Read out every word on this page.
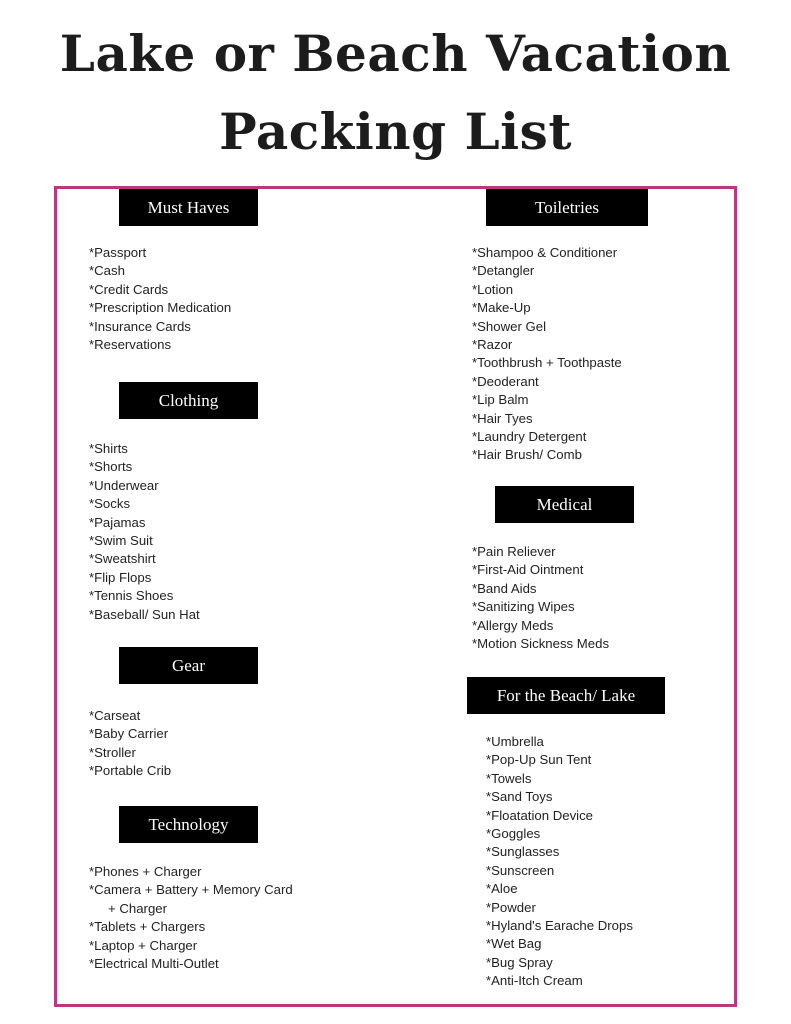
Lake or Beach Vacation
Packing List
Must Haves
*Passport
*Cash
*Credit Cards
*Prescription Medication
*Insurance Cards
*Reservations
Clothing
*Shirts
*Shorts
*Underwear
*Socks
*Pajamas
*Swim Suit
*Sweatshirt
*Flip Flops
*Tennis Shoes
*Baseball/ Sun Hat
Gear
*Carseat
*Baby Carrier
*Stroller
*Portable Crib
Technology
*Phones + Charger
*Camera + Battery + Memory Card
+ Charger
*Tablets + Chargers
*Laptop + Charger
*Electrical Multi-Outlet
Toiletries
*Shampoo & Conditioner
*Detangler
*Lotion
*Make-Up
*Shower Gel
*Razor
*Toothbrush + Toothpaste
*Deoderant
*Lip Balm
*Hair Tyes
*Laundry Detergent
*Hair Brush/ Comb
Medical
*Pain Reliever
*First-Aid Ointment
*Band Aids
*Sanitizing Wipes
*Allergy Meds
*Motion Sickness Meds
For the Beach/ Lake
*Umbrella
*Pop-Up Sun Tent
*Towels
*Sand Toys
*Floatation Device
*Goggles
*Sunglasses
*Sunscreen
*Aloe
*Powder
*Hyland's Earache Drops
*Wet Bag
*Bug Spray
*Anti-Itch Cream
